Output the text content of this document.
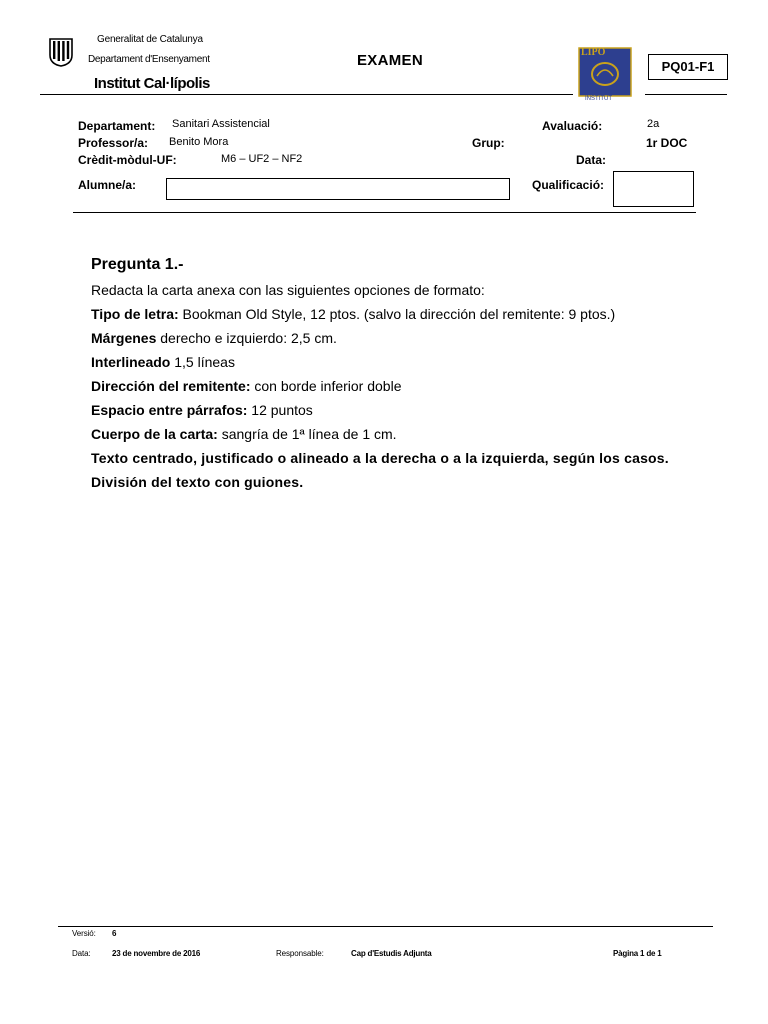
Generalitat de Catalunya
Departament d'Ensenyament
Institut Cal·lípolis
EXAMEN	LIPO
INSTITUT
PQ01-F1
Departament: Sanitari Assistencial
Professor/a: Benito Mora
Crèdit-mòdul-UF:	M6 – UF2 – NF2
Avaluació:	2a
Grup:	1r DOC
Data:
Alumne/a:	Qualificació:
Pregunta 1.-

Redacta la carta anexa con las siguientes opciones de formato:

Tipo de letra: Bookman Old Style, 12 ptos. (salvo la dirección del remitente: 9 ptos.)

Márgenes derecho e izquierdo: 2,5 cm.

Interlineado 1,5 líneas

Dirección del remitente: con borde inferior doble

Espacio entre párrafos: 12 puntos

Cuerpo de la carta: sangría de 1ª línea de 1 cm.

Texto centrado, justificado o alineado a la derecha o a la izquierda, según los casos.

División del texto con guiones.

Versió: 6
Data:	23 de novembre de 2016	Responsable:	Cap d'Estudis Adjunta	Pàgina 1 de 1
